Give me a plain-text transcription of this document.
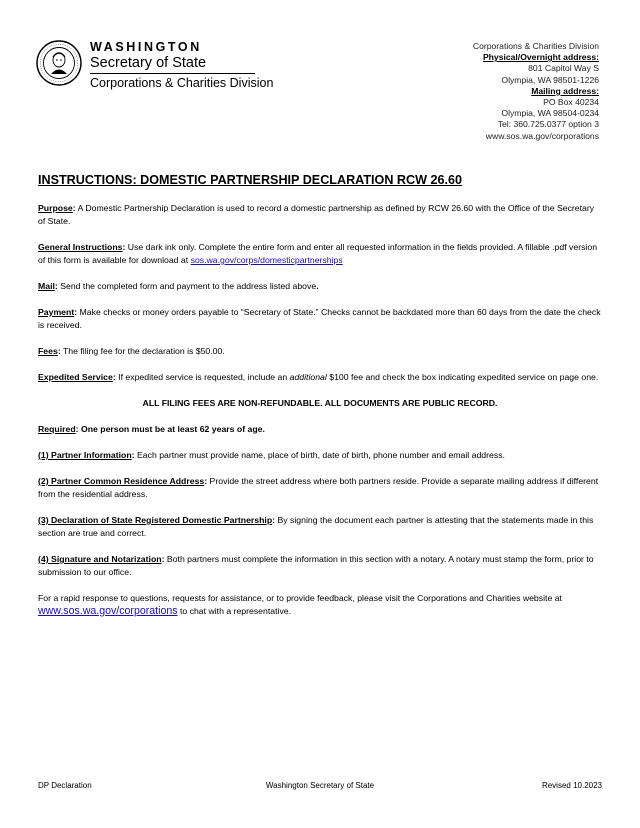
WASHINGTON
Secretary of State
Corporations & Charities Division
Corporations & Charities Division
Physical/Overnight address:
801 Capitol Way S
Olympia, WA 98501-1226
Mailing address:
PO Box 40234
Olympia, WA 98504-0234
Tel: 360.725.0377 option 3
www.sos.wa.gov/corporations
INSTRUCTIONS: DOMESTIC PARTNERSHIP DECLARATION RCW 26.60

Purpose: A Domestic Partnership Declaration is used to record a domestic partnership as defined by RCW 26.60 with the Office of the Secretary of State.

General Instructions: Use dark ink only. Complete the entire form and enter all requested information in the fields provided. A fillable .pdf version of this form is available for download at sos.wa.gov/corps/domesticpartnerships

Mail: Send the completed form and payment to the address listed above.

Payment: Make checks or money orders payable to “Secretary of State.” Checks cannot be backdated more than 60 days from the date the check is received.

Fees: The filing fee for the declaration is $50.00.

Expedited Service: If expedited service is requested, include an additional $100 fee and check the box indicating expedited service on page one.

ALL FILING FEES ARE NON-REFUNDABLE. ALL DOCUMENTS ARE PUBLIC RECORD.

Required: One person must be at least 62 years of age.

(1) Partner Information: Each partner must provide name, place of birth, date of birth, phone number and email address.

(2) Partner Common Residence Address: Provide the street address where both partners reside. Provide a separate mailing address if different from the residential address.

(3) Declaration of State Registered Domestic Partnership: By signing the document each partner is attesting that the statements made in this section are true and correct.

(4) Signature and Notarization: Both partners must complete the information in this section with a notary. A notary must stamp the form, prior to submission to our office.

For a rapid response to questions, requests for assistance, or to provide feedback, please visit the Corporations and Charities website at www.sos.wa.gov/corporations to chat with a representative.

DP Declaration	Washington Secretary of State	Revised 10.2023
